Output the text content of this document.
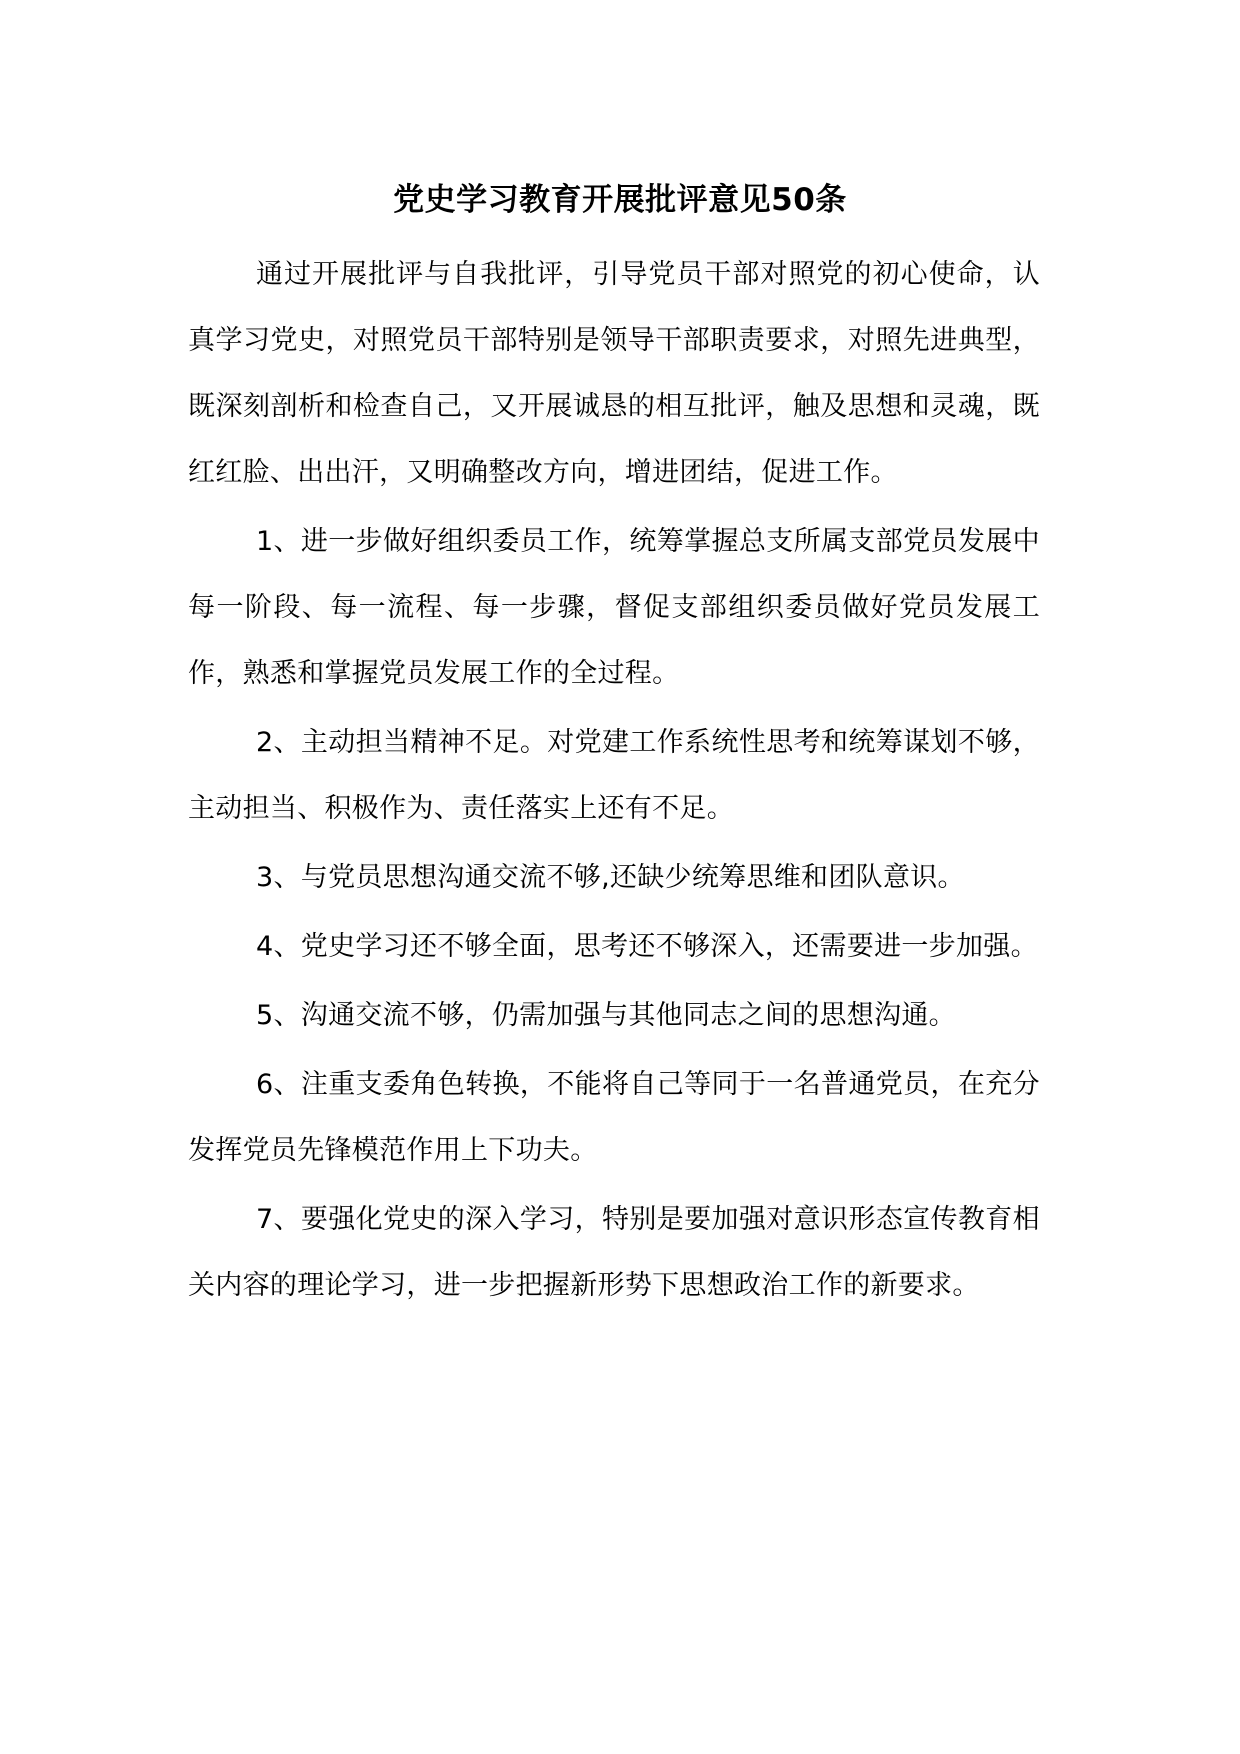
党史学习教育开展批评意见50条

通过开展批评与自我批评，引导党员干部对照党的初心使命，认真学习党史，对照党员干部特别是领导干部职责要求，对照先进典型，既深刻剖析和检查自己，又开展诚恳的相互批评，触及思想和灵魂，既红红脸、出出汗，又明确整改方向，增进团结，促进工作。

1、进一步做好组织委员工作，统筹掌握总支所属支部党员发展中每一阶段、每一流程、每一步骤，督促支部组织委员做好党员发展工作，熟悉和掌握党员发展工作的全过程。

2、主动担当精神不足。对党建工作系统性思考和统筹谋划不够，主动担当、积极作为、责任落实上还有不足。

3、与党员思想沟通交流不够,还缺少统筹思维和团队意识。

4、党史学习还不够全面，思考还不够深入，还需要进一步加强。

5、沟通交流不够，仍需加强与其他同志之间的思想沟通。

6、注重支委角色转换，不能将自己等同于一名普通党员，在充分发挥党员先锋模范作用上下功夫。

7、要强化党史的深入学习，特别是要加强对意识形态宣传教育相关内容的理论学习，进一步把握新形势下思想政治工作的新要求。
